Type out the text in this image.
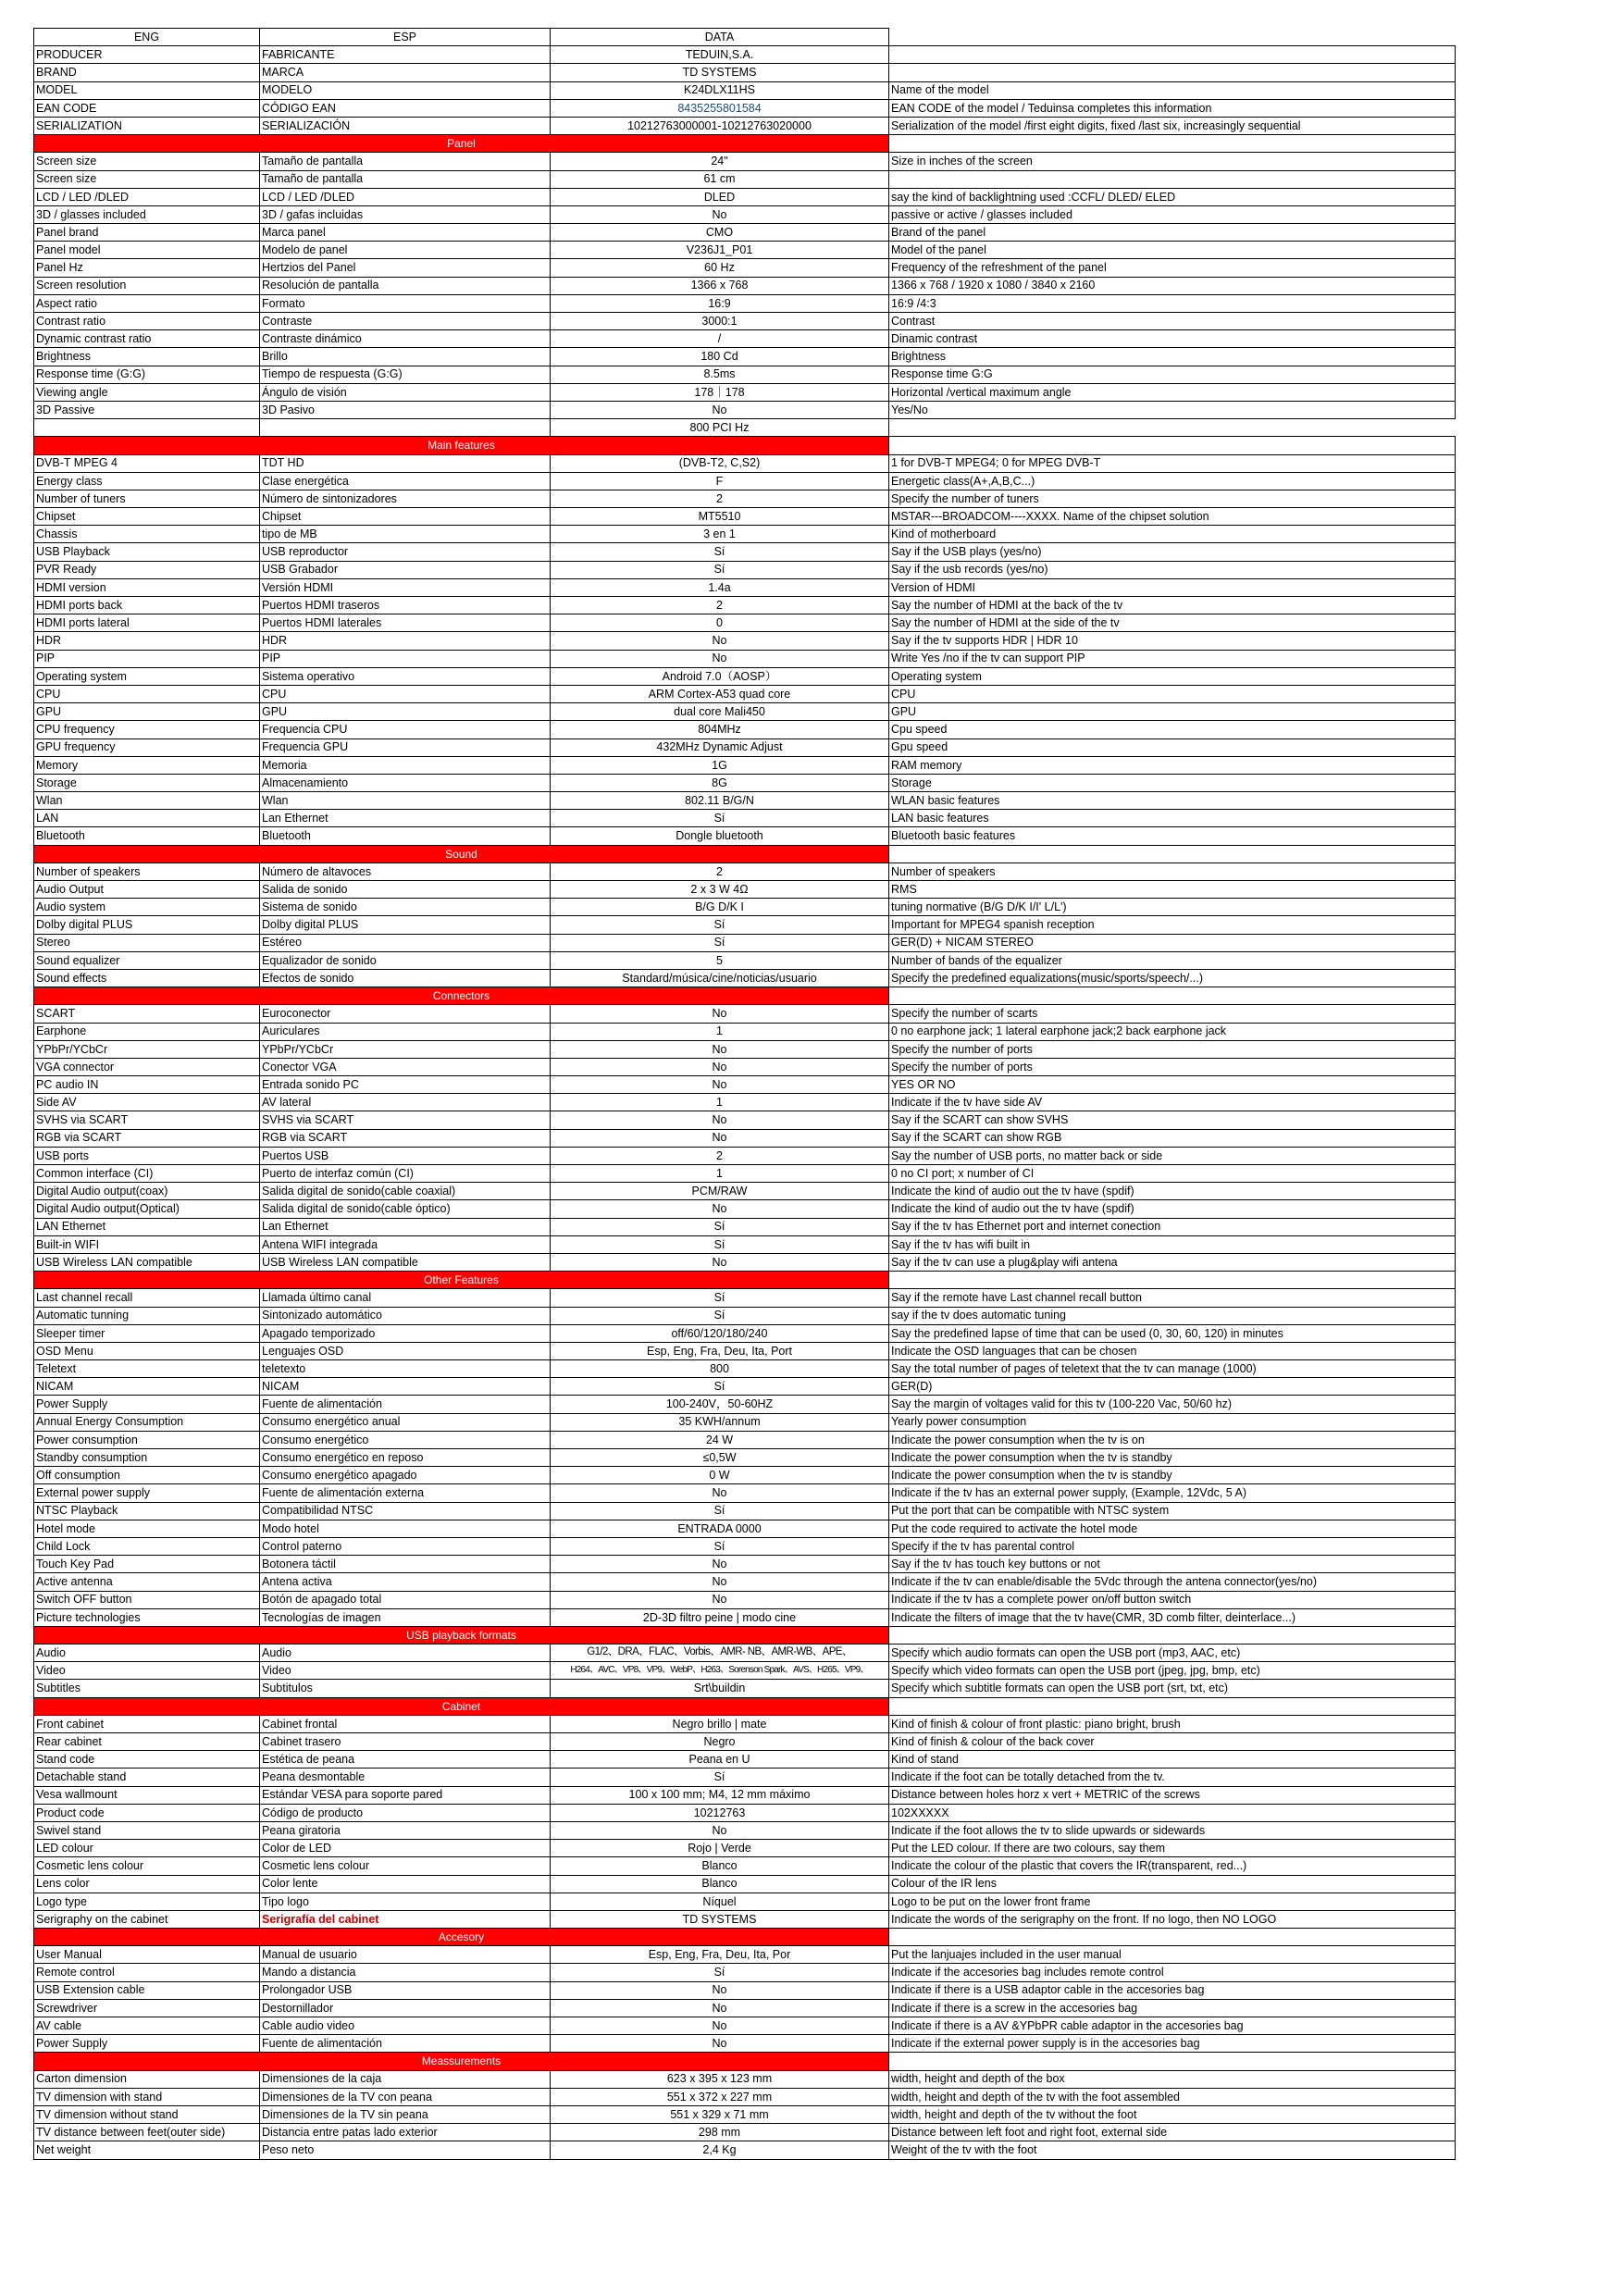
ENG	ESP	DATA	
PRODUCER	FABRICANTE	TEDUIN,S.A.	
BRAND	MARCA	TD SYSTEMS	
MODEL	MODELO	K24DLX11HS	Name of the model
EAN CODE	CÓDIGO EAN	8435255801584	EAN CODE of the model / Teduinsa completes this information
SERIALIZATION	SERIALIZACIÓN	10212763000001-10212763020000	Serialization of the model /first eight digits, fixed /last six, increasingly sequential
Panel			
Screen size	Tamaño de pantalla	24"	Size in inches of the screen
Screen size	Tamaño de pantalla	61 cm	
LCD / LED /DLED	LCD / LED /DLED	DLED	say the kind of backlightning used :CCFL/ DLED/ ELED
3D / glasses included	3D / gafas incluidas	No	passive or active / glasses included
Panel brand	Marca panel	CMO	Brand of the panel
Panel model	Modelo de panel	V236J1_P01	Model of the panel
Panel Hz	Hertzios del Panel	60 Hz	Frequency of the refreshment of the panel
Screen resolution	Resolución de pantalla	1366 x 768	1366 x 768 / 1920 x 1080 / 3840 x 2160
Aspect ratio	Formato	16:9	16:9 /4:3
Contrast ratio	Contraste	3000:1	Contrast
Dynamic contrast ratio	Contraste dinámico	/	Dinamic contrast
Brightness	Brillo	180 Cd	Brightness
Response time (G:G)	Tiempo de respuesta (G:G)	8.5ms	Response time G:G
Viewing angle	Ángulo de visión	178｜178	Horizontal /vertical maximum angle
3D Passive	3D Pasivo	No	Yes/No
		800 PCI Hz	
Main features			
DVB-T MPEG 4	TDT HD	(DVB-T2, C,S2)	1 for DVB-T MPEG4; 0 for MPEG DVB-T
Energy class	Clase energética	F	Energetic class(A+,A,B,C...)
Number of tuners	Número de sintonizadores	2	Specify the number of tuners
Chipset	Chipset	MT5510	MSTAR---BROADCOM----XXXX. Name of the chipset solution
Chassis	tipo de MB	3 en 1	Kind of motherboard
USB Playback	USB reproductor	Sí	Say if the USB plays (yes/no)
PVR Ready	USB Grabador	Sí	Say if the usb records (yes/no)
HDMI version	Versión HDMI	1.4a	Version of HDMI
HDMI ports back	Puertos HDMI traseros	2	Say the number of HDMI at the back of the tv
HDMI ports lateral	Puertos HDMI laterales	0	Say the number of HDMI at the side of the tv
HDR	HDR	No	Say if the tv supports HDR | HDR 10
PIP	PIP	No	Write Yes /no if the tv can support PIP
Operating system	Sistema operativo	Android 7.0（AOSP）	Operating system
CPU	CPU	ARM Cortex-A53 quad core	CPU
GPU	GPU	dual core Mali450	GPU
CPU frequency	Frequencia CPU	804MHz	Cpu speed
GPU frequency	Frequencia GPU	432MHz Dynamic Adjust	Gpu speed
Memory	Memoria	1G	RAM memory
Storage	Almacenamiento	8G	Storage
Wlan	Wlan	802.11 B/G/N	WLAN basic features
LAN	Lan Ethernet	Sí	LAN basic features
Bluetooth	Bluetooth	Dongle bluetooth	Bluetooth basic features
Sound			
Number of speakers	Número de altavoces	2	Number of speakers
Audio Output	Salida de sonido	2 x 3 W 4Ω	RMS
Audio system	Sistema de sonido	B/G D/K I	tuning normative (B/G D/K I/I' L/L')
Dolby digital PLUS	Dolby digital PLUS	Sí	Important for MPEG4 spanish reception
Stereo	Estéreo	Sí	GER(D) + NICAM STEREO
Sound equalizer	Equalizador de sonido	5	Number of bands of the equalizer
Sound effects	Efectos de sonido	Standard/música/cine/noticias/usuario	Specify the predefined equalizations(music/sports/speech/...)
Connectors			
SCART	Euroconector	No	Specify the number of scarts
Earphone	Auriculares	1	0 no earphone jack; 1 lateral earphone jack;2 back earphone jack
YPbPr/YCbCr	YPbPr/YCbCr	No	Specify the number of ports
VGA connector	Conector VGA	No	Specify the number of ports
PC audio IN	Entrada sonido PC	No	YES OR NO
Side AV	AV lateral	1	Indicate if the tv have side AV
SVHS via SCART	SVHS via SCART	No	Say if the SCART can show SVHS
RGB via SCART	RGB via SCART	No	Say if the SCART can show RGB
USB ports	Puertos USB	2	Say the number of USB ports, no matter back or side
Common interface (CI)	Puerto de interfaz común (CI)	1	0 no CI port; x number of CI
Digital Audio output(coax)	Salida digital de sonido(cable coaxial)	PCM/RAW	Indicate the kind of audio out the tv have (spdif)
Digital Audio output(Optical)	Salida digital de sonido(cable óptico)	No	Indicate the kind of audio out the tv have (spdif)
LAN Ethernet	Lan Ethernet	Sí	Say if the tv has Ethernet port and internet conection
Built-in WIFI	Antena WIFI integrada	Sí	Say if the tv has wifi built in
USB Wireless LAN compatible	USB Wireless LAN compatible	No	Say if the tv can use a plug&play wifi antena
Other Features			
Last channel recall	Llamada último canal	Sí	Say if the remote have Last channel recall button
Automatic tunning	Sintonizado automático	Sí	say if the tv does automatic tuning
Sleeper timer	Apagado temporizado	off/60/120/180/240	Say the predefined lapse of time that can be used (0, 30, 60, 120) in minutes
OSD Menu	Lenguajes OSD	Esp, Eng, Fra, Deu, Ita, Port	Indicate the OSD languages that can be chosen
Teletext	teletexto	800	Say the total number of pages of teletext that the tv can manage (1000)
NICAM	NICAM	Sí	GER(D)
Power Supply	Fuente de alimentación	100-240V，50-60HZ	Say the margin of voltages valid for this tv (100-220 Vac, 50/60 hz)
Annual Energy Consumption	Consumo energético anual	35 KWH/annum	Yearly power consumption
Power consumption	Consumo energético	24 W	Indicate the power consumption when the tv is on
Standby consumption	Consumo energético en reposo	≤0,5W	Indicate the power consumption when the tv is standby
Off consumption	Consumo energético apagado	0 W	Indicate the power consumption when the tv is standby
External power supply	Fuente de alimentación externa	No	Indicate if the tv has an external power supply, (Example, 12Vdc, 5 A)
NTSC Playback	Compatibilidad NTSC	Sí	Put the port that can be compatible with NTSC system
Hotel mode	Modo hotel	ENTRADA 0000	Put the code required to activate the hotel mode
Child Lock	Control paterno	Sí	Specify if the tv has parental control
Touch Key Pad	Botonera táctil	No	Say if the tv has touch key buttons or not
Active antenna	Antena activa	No	Indicate if the tv can enable/disable the 5Vdc through the antena connector(yes/no)
Switch OFF button	Botón de apagado total	No	Indicate if the tv has a complete power on/off button switch
Picture technologies	Tecnologías de imagen	2D-3D filtro peine | modo cine	Indicate the filters of image that the tv have(CMR, 3D comb filter, deinterlace...)
USB playback formats			
Audio	Audio	G1/2、DRA、FLAC、Vorbis、AMR- NB、AMR-WB、APE、	Specify which audio formats can open the USB port (mp3, AAC, etc)
Video	Video	H264、AVC、VP8、VP9、WebP、H263、Sorenson Spark、AVS、H265、VP9、	Specify which video formats can open the USB port (jpeg, jpg, bmp, etc)
Subtitles	Subtitulos	Srt\buildin	Specify which subtitle formats can open the USB port (srt, txt, etc)
Cabinet			
Front cabinet	Cabinet frontal	Negro brillo | mate	Kind of finish & colour of front plastic: piano bright, brush
Rear cabinet	Cabinet trasero	Negro	Kind of finish & colour of the back cover
Stand code	Estética de peana	Peana en U	Kind of stand
Detachable stand	Peana desmontable	Sí	Indicate if the foot can be totally detached from the tv.
Vesa wallmount	Estándar VESA para soporte pared	100 x 100 mm; M4, 12 mm máximo	Distance between holes horz x vert + METRIC of the screws
Product code	Código de producto	10212763	102XXXXX
Swivel stand	Peana giratoria	No	Indicate if the foot allows the tv to slide upwards or sidewards
LED colour	Color de LED	Rojo | Verde	Put the LED colour. If there are two colours, say them
Cosmetic lens colour	Cosmetic lens colour	Blanco	Indicate the colour of the plastic that covers the IR(transparent, red...)
Lens color	Color lente	Blanco	Colour of the IR lens
Logo type	Tipo logo	Níquel	Logo to be put on the lower front frame
Serigraphy on the cabinet	Serigrafía del cabinet	TD SYSTEMS	Indicate the words of the serigraphy on the front. If no logo, then NO LOGO
Accesory			
User Manual	Manual de usuario	Esp, Eng, Fra, Deu, Ita, Por	Put the lanjuajes included in the user manual
Remote control	Mando a distancia	Sí	Indicate if the accesories bag includes remote control
USB Extension cable	Prolongador USB	No	Indicate if there is a USB adaptor cable in the accesories bag
Screwdriver	Destornillador	No	Indicate if there is a screw in the accesories bag
AV cable	Cable audio video	No	Indicate if there is a AV &YPbPR cable adaptor in the accesories bag
Power Supply	Fuente de alimentación	No	Indicate if the external power supply is in the accesories bag
Meassurements			
Carton dimension	Dimensiones de la caja	623 x 395 x 123 mm	width, height and depth of the box
TV dimension with stand	Dimensiones de la TV con peana	551 x 372 x 227 mm	width, height and depth of the tv with the foot assembled
TV dimension without stand	Dimensiones de la TV sin peana	551 x 329 x 71 mm	width, height and depth of the tv without the foot
TV distance between feet(outer side)	Distancia entre patas lado exterior	298 mm	Distance between left foot and right foot, external side
Net weight	Peso neto	2,4 Kg	Weight of the tv with the foot
